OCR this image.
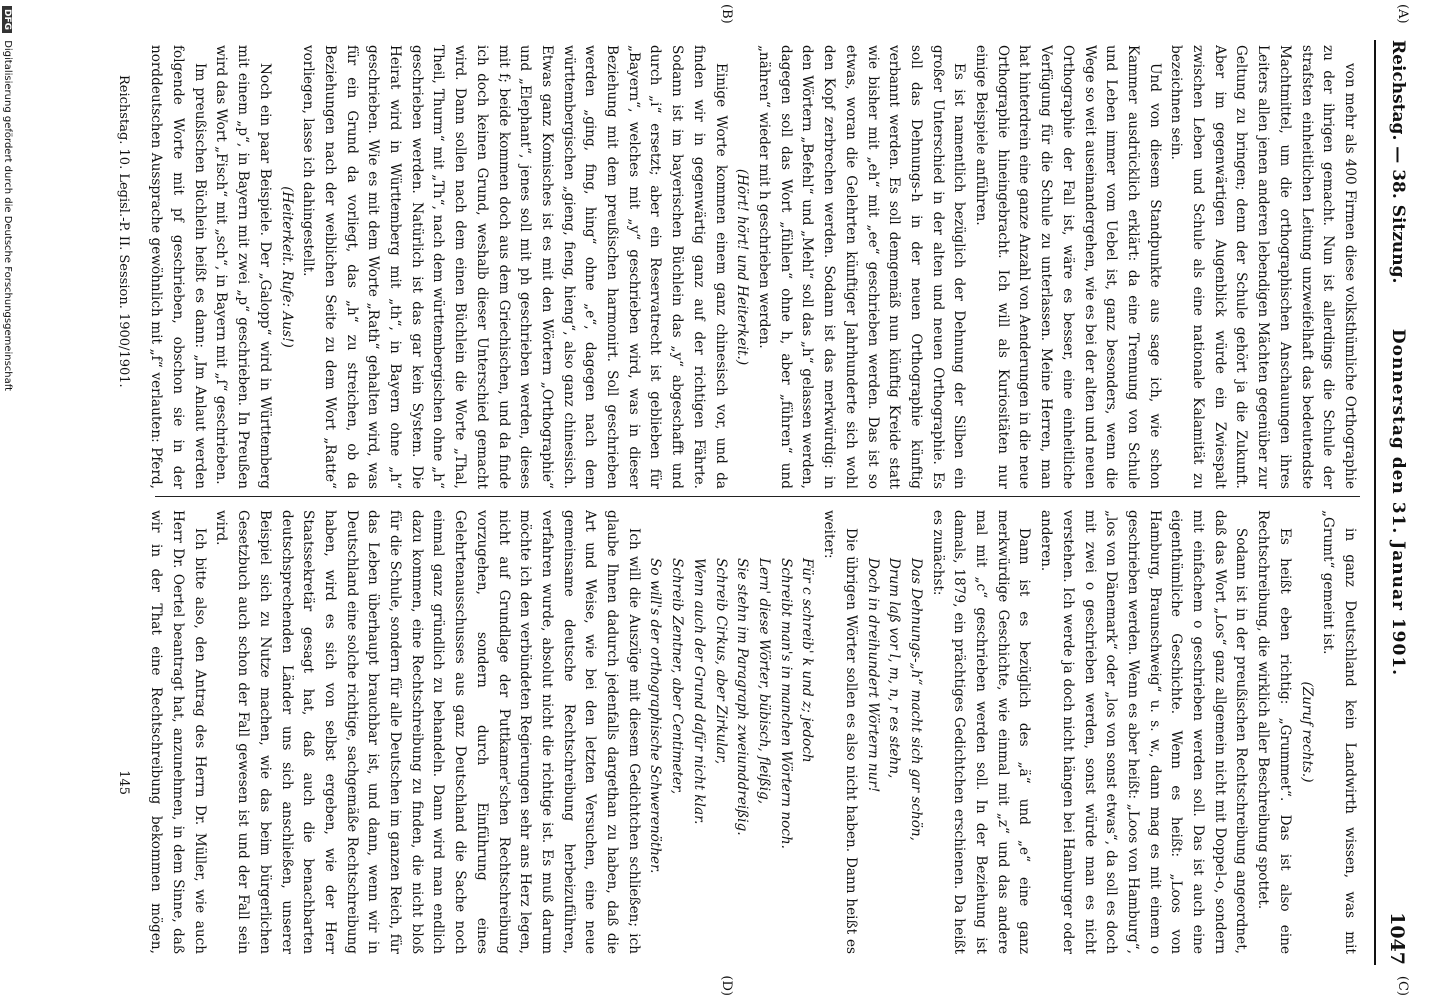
Reichstag. — 38. Sitzung.
Donnerstag den 31. Januar 1901.
1047
(A)
(B)
(C)
(D)

von mehr als 400 Firmen diese volksthümliche Orthographie zu der ihrigen gemacht. Nun ist allerdings die Schule der strafsten einheitlichen Leitung unzweifelhaft das bedeutendste Machtmittel, um die orthographischen Anschauungen ihres Leiters allen jenen anderen lebendigen Mächten gegenüber zur Geltung zu bringen; denn der Schule gehört ja die Zukunft. Aber im gegenwärtigen Augenblick würde ein Zwiespalt zwischen Leben und Schule als eine nationale Kalamität zu bezeichnen sein.

Und von diesem Standpunkte aus sage ich, wie schon Kammer ausdrücklich erklärt: da eine Trennung von Schule und Leben immer vom Uebel ist, ganz besonders, wenn die Wege so weit auseinandergehen, wie es bei der alten und neuen Orthographie der Fall ist, wäre es besser, eine einheitliche Verfügung für die Schule zu unterlassen. Meine Herren, man hat hinterdrein eine ganze Anzahl von Aenderungen in die neue Orthographie hineingebracht. Ich will als Kuriositäten nur einige Beispiele anführen.

Es ist namentlich bezüglich der Dehnung der Silben ein großer Unterschied in der alten und neuen Orthographie. Es soll das Dehnungs-h in der neuen Orthographie künftig verbannt werden. Es soll demgemäß nun künftig Kreide statt wie bisher mit „eh“ mit „ee“ geschrieben werden. Das ist so etwas, woran die Gelehrten künftiger Jahrhunderte sich wohl den Kopf zerbrechen werden. Sodann ist das merkwürdig: in den Wörtern „Befehl“ und „Mehl“ soll das „h“ gelassen werden, dagegen soll das Wort „fühlen“ ohne h, aber „führen“ und „nähren“ wieder mit h geschrieben werden.

(Hört! hört! und Heiterkeit.)

Einige Worte kommen einem ganz chinesisch vor, und da finden wir in gegenwärtig ganz auf der richtigen Fährte. Sodann ist im bayerischen Büchlein das „y“ abgeschafft und durch „i“ ersetzt; aber ein Reservatrecht ist geblieben für „Bayern“, welches mit „y“ geschrieben wird, was in dieser Beziehung mit dem preußischen harmonirt. Soll geschrieben werden „ging, fing, hing“ ohne „e“, dagegen nach dem württembergischen „gieng, fieng, hieng“, also ganz chinesisch. Etwas ganz Komisches ist es mit den Wörtern „Orthographie“ und „Elephant“, jenes soll mit ph geschrieben werden, dieses mit f; beide kommen doch aus dem Griechischen, und da finde ich doch keinen Grund, weshalb dieser Unterschied gemacht wird. Dann sollen nach dem einen Büchlein die Worte „Thal, Theil, Thurm“ mit „Th“, nach dem württembergischen ohne „h“ geschrieben werden. Natürlich ist das gar kein System. Die Heirat wird in Württemberg mit „th“, in Bayern ohne „h“ geschrieben. Wie es mit dem Worte „Rath“ gehalten wird, was für ein Grund da vorliegt, das „h“ zu streichen, ob da Beziehungen nach der weiblichen Seite zu dem Wort „Ratte“ vorliegen, lasse ich dahingestellt.

(Heiterkeit. Rufe: Aus!)

Noch ein paar Beispiele. Der „Galopp“ wird in Württemberg mit einem „p“, in Bayern mit zwei „p“ geschrieben. In Preußen wird das Wort „Fisch“ mit „sch“, in Bayern mit „ſ“ geschrieben.

Im preußischen Büchlein heißt es dann: „Im Anlaut werden folgende Worte mit pf geschrieben, obschon sie in der norddeutschen Aussprache gewöhnlich mit „f“ verlauten: Pferd,

in ganz Deutschland kein Landwirth wissen, was mit „Grumt“ gemeint ist.

(Zuruf rechts.)

Es heißt eben richtig: „Grummet“. Das ist also eine Rechtschreibung, die wirklich aller Beschreibung spottet.

Sodann ist in der preußischen Rechtschreibung angeordnet, daß das Wort „Los“ ganz allgemein nicht mit Doppel-o, sondern mit einfachem o geschrieben werden soll. Das ist auch eine eigenthümliche Geschichte. Wenn es heißt: „Loos von Hamburg, Braunschweig“ u. s. w., dann mag es mit einem o geschrieben werden. Wenn es aber heißt: „Loos von Hamburg“, „los von Dänemark“ oder „los von sonst etwas“, da soll es doch mit zwei o geschrieben werden, sonst würde man es nicht verstehen. Ich werde ja doch nicht hängen bei Hamburger oder anderen.

Dann ist es bezüglich des „ä“ und „e“ eine ganz merkwürdige Geschichte, wie einmal mit „z“ und das andere mal mit „c“ geschrieben werden soll. In der Beziehung ist damals, 1879, ein prächtiges Gedichtchen erschienen. Da heißt es zunächst:

Das Dehnungs-„h“ macht sich gar schön,

Drum laß vor l, m, n, r es stehn,

Doch in dreihundert Wörtern nur!

Die übrigen Wörter sollen es also nicht haben. Dann heißt es weiter:

Für c schreib' k und z; jedoch

Schreibt man's in manchen Wörtern noch.

Lern' diese Wörter, bübisch, fleißig,

Sie stehn im Paragraph zweiunddreißig.

Schreib Cirkus, aber Zirkular,

Wenn auch der Grund dafür nicht klar.

Schreib Zentner, aber Centimeter,

So will's der orthographische Schwerenöther.

Ich will die Auszüge mit diesem Gedichtchen schließen; ich glaube Ihnen dadurch jedenfalls dargethan zu haben, daß die Art und Weise, wie bei den letzten Versuchen, eine neue gemeinsame deutsche Rechtschreibung herbeizuführen, verfahren wurde, absolut nicht die richtige ist. Es muß darum möchte ich den verbündeten Regierungen sehr ans Herz legen, nicht auf Grundlage der Puttkamer'schen Rechtschreibung vorzugehen, sondern durch Einführung eines Gelehrtenausschusses aus ganz Deutschland die Sache noch einmal ganz gründlich zu behandeln. Dann wird man endlich dazu kommen, eine Rechtschreibung zu finden, die nicht bloß für die Schule, sondern für alle Deutschen im ganzen Reich, für das Leben überhaupt brauchbar ist, und dann, wenn wir in Deutschland eine solche richtige, sachgemäße Rechtschreibung haben, wird es sich von selbst ergeben, wie der Herr Staatssekretär gesagt hat, daß auch die benachbarten deutschsprechenden Länder uns sich anschließen, unserer Beispiel sich zu Nutze machen, wie das beim bürgerlichen Gesetzbuch auch schon der Fall gewesen ist und der Fall sein wird.

Ich bitte also, den Antrag des Herrn Dr. Müller, wie auch Herr Dr. Oertel beantragt hat, anzunehmen, in dem Sinne, daß wir in der That eine Rechtschreibung bekommen mögen,

Reichstag. 10. Legisl.-P. II. Session. 1900/1901.
145
DFG Digitalisierung gefördert durch die Deutsche Forschungsgemeinschaft
